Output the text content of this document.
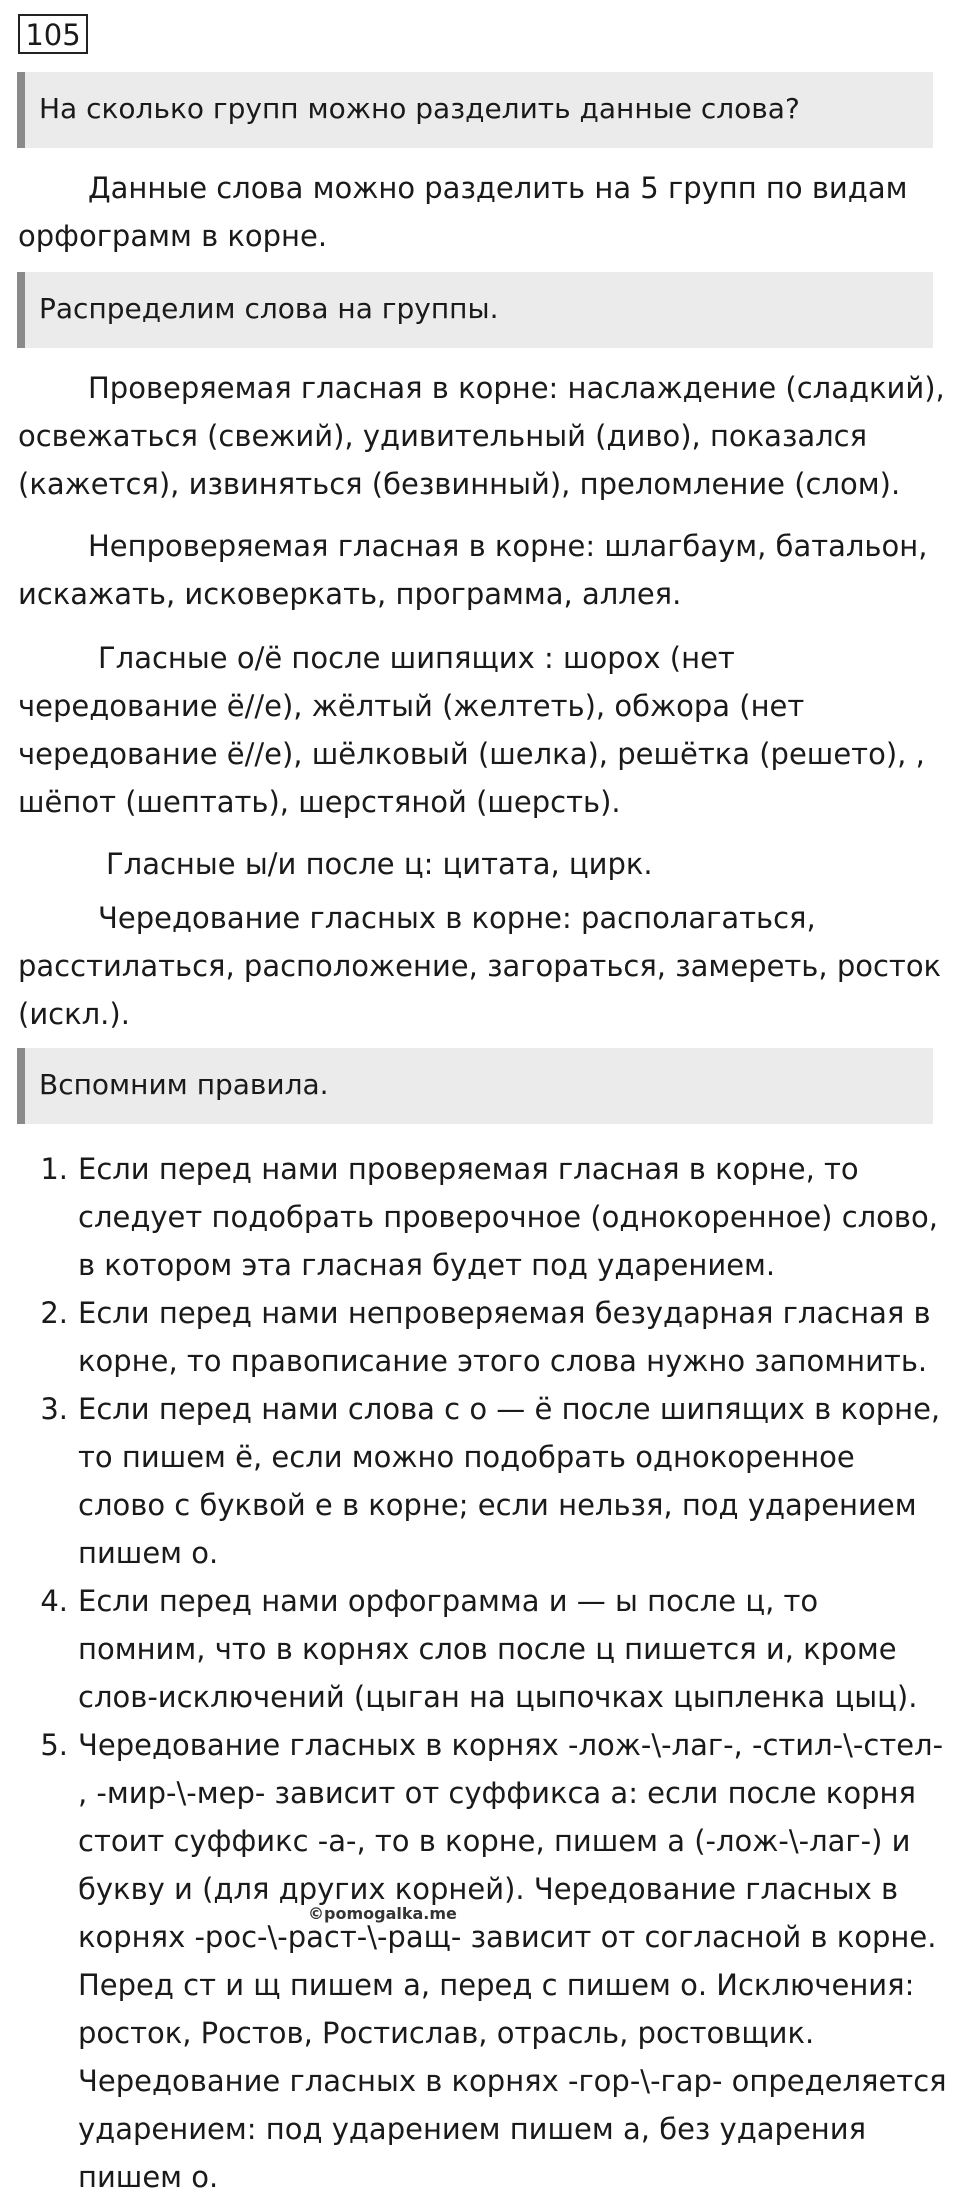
105
На сколько групп можно разделить данные слова?
Данные слова можно разделить на 5 групп по видам
орфограмм в корне.
Распределим слова на группы.
Проверяемая гласная в корне: наслаждение (сладкий),
освежаться (свежий), удивительный (диво), показался
(кажется), извиняться (безвинный), преломление (слом).
Непроверяемая гласная в корне: шлагбаум, батальон,
искажать, исковеркать, программа, аллея.
Гласные о/ё после шипящих : шорох (нет
чередование ё//е), жёлтый (желтеть), обжора (нет
чередование ё//е), шёлковый (шелка), решётка (решето), ,
шёпот (шептать), шерстяной (шерсть).
Гласные ы/и после ц: цитата, цирк.
Чередование гласных в корне: располагаться,
расстилаться, расположение, загораться, замереть, росток
(искл.).
Вспомним правила.
1. Если перед нами проверяемая гласная в корне, то
следует подобрать проверочное (однокоренное) слово,
в котором эта гласная будет под ударением.
2. Если перед нами непроверяемая безударная гласная в
корне, то правописание этого слова нужно запомнить.
3. Если перед нами слова с о — ё после шипящих в корне,
то пишем ё, если можно подобрать однокоренное
слово с буквой е в корне; если нельзя, под ударением
пишем о.
4. Если перед нами орфограмма и — ы после ц, то
помним, что в корнях слов после ц пишется и, кроме
слов-исключений (цыган на цыпочках цыпленка цыц).
5. Чередование гласных в корнях -лож-\-лаг-, -стил-\-стел-
, -мир-\-мер- зависит от суффикса а: если после корня
стоит суффикс -а-, то в корне, пишем а (-лож-\-лаг-) и
букву и (для других корней). Чередование гласных в
корнях -рос-\-раст-\-ращ- зависит от согласной в корне.
Перед ст и щ пишем а, перед с пишем о. Исключения:
росток, Ростов, Ростислав, отрасль, ростовщик.
Чередование гласных в корнях -гор-\-гар- определяется
ударением: под ударением пишем а, без ударения
пишем о.
©pomogalka.me
